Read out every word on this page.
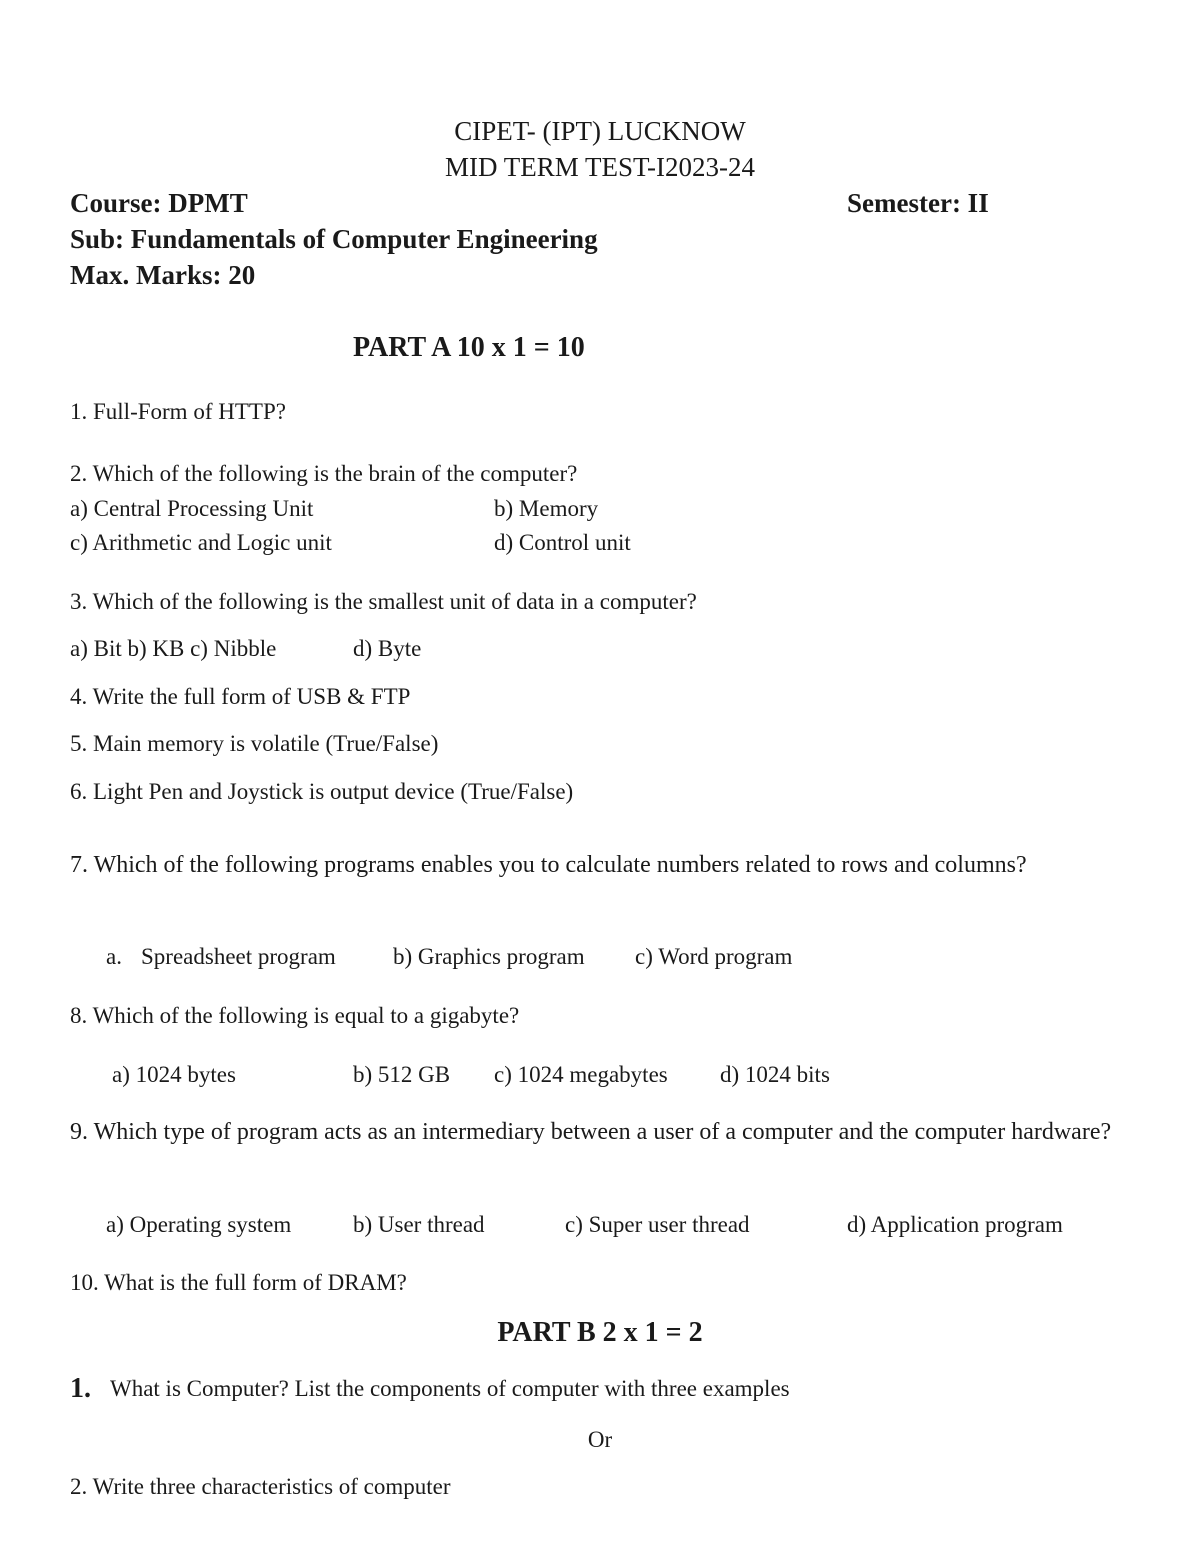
CIPET- (IPT) LUCKNOW
MID TERM TEST-I2023-24
Course: DPMT	Semester: II
Sub: Fundamentals of Computer Engineering
Max. Marks: 20
PART A 10 x 1 = 10
1. Full-Form of HTTP?
2. Which of the following is the brain of the computer?
a) Central Processing Unit	b) Memory
c) Arithmetic and Logic unit	d) Control unit
3. Which of the following is the smallest unit of data in a computer?
a) Bit b) KB c) Nibble	d) Byte
4. Write the full form of USB & FTP
5. Main memory is volatile (True/False)
6. Light Pen and Joystick is output device (True/False)
7. Which of the following programs enables you to calculate numbers related to rows and columns?
a. Spreadsheet program b) Graphics program c) Word program
8. Which of the following is equal to a gigabyte?
a) 1024 bytes	b) 512 GB c) 1024 megabytes d) 1024 bits
9. Which type of program acts as an intermediary between a user of a computer and the computer hardware?
a) Operating system	b) User thread	c) Super user thread	d) Application program
10. What is the full form of DRAM?
PART B 2 x 1 = 2
1. What is Computer? List the components of computer with three examples
Or
2. Write three characteristics of computer
